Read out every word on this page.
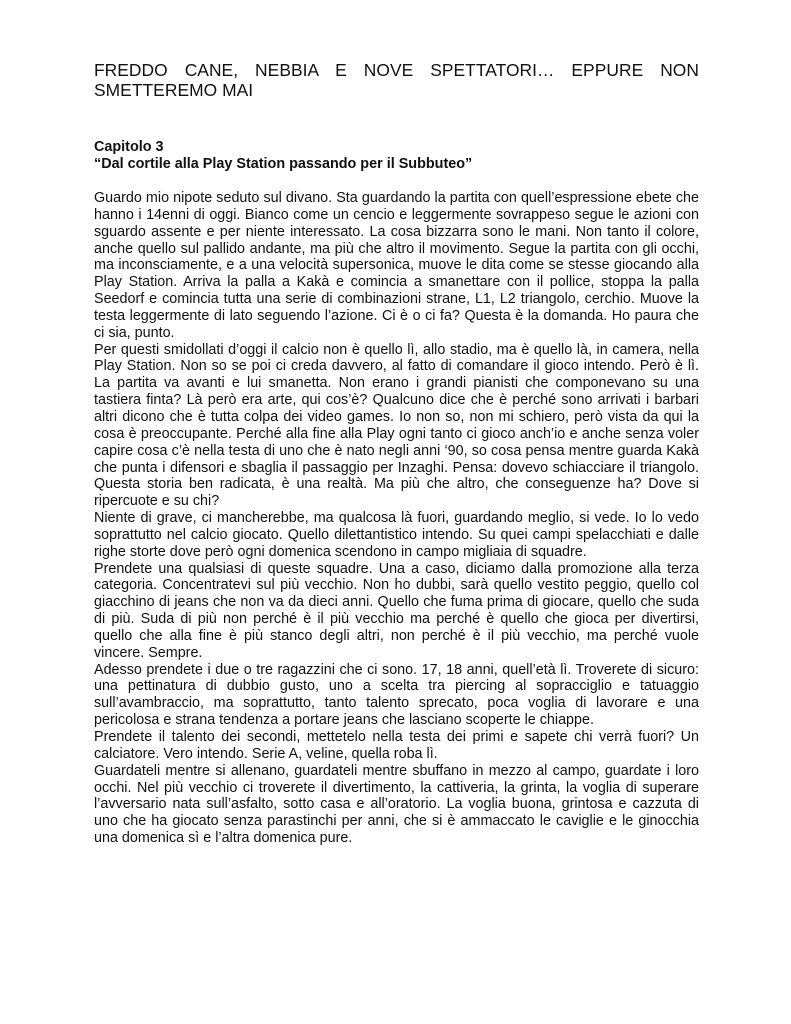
FREDDO CANE, NEBBIA E NOVE SPETTATORI… EPPURE NON SMETTEREMO MAI
Capitolo 3
“Dal cortile alla Play Station passando per il Subbuteo”

Guardo mio nipote seduto sul divano. Sta guardando la partita con quell’espressione ebete che hanno i 14enni di oggi. Bianco come un cencio e leggermente sovrappeso segue le azioni con sguardo assente e per niente interessato. La cosa bizzarra sono le mani. Non tanto il colore, anche quello sul pallido andante, ma più che altro il movimento. Segue la partita con gli occhi, ma inconsciamente, e a una velocità supersonica, muove le dita come se stesse giocando alla Play Station. Arriva la palla a Kakà e comincia a smanettare con il pollice, stoppa la palla Seedorf e comincia tutta una serie di combinazioni strane, L1, L2 triangolo, cerchio. Muove la testa leggermente di lato seguendo l’azione. Ci è o ci fa? Questa è la domanda. Ho paura che ci sia, punto.

Per questi smidollati d’oggi il calcio non è quello lì, allo stadio, ma è quello là, in camera, nella Play Station. Non so se poi ci creda davvero, al fatto di comandare il gioco intendo. Però è lì. La partita va avanti e lui smanetta. Non erano i grandi pianisti che componevano su una tastiera finta? Là però era arte, qui cos’è? Qualcuno dice che è perché sono arrivati i barbari altri dicono che è tutta colpa dei video games. Io non so, non mi schiero, però vista da qui la cosa è preoccupante. Perché alla fine alla Play ogni tanto ci gioco anch’io e anche senza voler capire cosa c’è nella testa di uno che è nato negli anni ‘90, so cosa pensa mentre guarda Kakà che punta i difensori e sbaglia il passaggio per Inzaghi. Pensa: dovevo schiacciare il triangolo. Questa storia ben radicata, è una realtà. Ma più che altro, che conseguenze ha? Dove si ripercuote e su chi?

Niente di grave, ci mancherebbe, ma qualcosa là fuori, guardando meglio, si vede. Io lo vedo soprattutto nel calcio giocato. Quello dilettantistico intendo. Su quei campi spelacchiati e dalle righe storte dove però ogni domenica scendono in campo migliaia di squadre.

Prendete una qualsiasi di queste squadre. Una a caso, diciamo dalla promozione alla terza categoria. Concentratevi sul più vecchio. Non ho dubbi, sarà quello vestito peggio, quello col giacchino di jeans che non va da dieci anni. Quello che fuma prima di giocare, quello che suda di più. Suda di più non perché è il più vecchio ma perché è quello che gioca per divertirsi, quello che alla fine è più stanco degli altri, non perché è il più vecchio, ma perché vuole vincere. Sempre.

Adesso prendete i due o tre ragazzini che ci sono. 17, 18 anni, quell’età lì. Troverete di sicuro: una pettinatura di dubbio gusto, uno a scelta tra piercing al sopracciglio e tatuaggio sull’avambraccio, ma soprattutto, tanto talento sprecato, poca voglia di lavorare e una pericolosa e strana tendenza a portare jeans che lasciano scoperte le chiappe.

Prendete il talento dei secondi, mettetelo nella testa dei primi e sapete chi verrà fuori? Un calciatore. Vero intendo. Serie A, veline, quella roba lì.

Guardateli mentre si allenano, guardateli mentre sbuffano in mezzo al campo, guardate i loro occhi. Nel più vecchio ci troverete il divertimento, la cattiveria, la grinta, la voglia di superare l’avversario nata sull’asfalto, sotto casa e all’oratorio. La voglia buona, grintosa e cazzuta di uno che ha giocato senza parastinchi per anni, che si è ammaccato le caviglie e le ginocchia una domenica sì e l’altra domenica pure.
